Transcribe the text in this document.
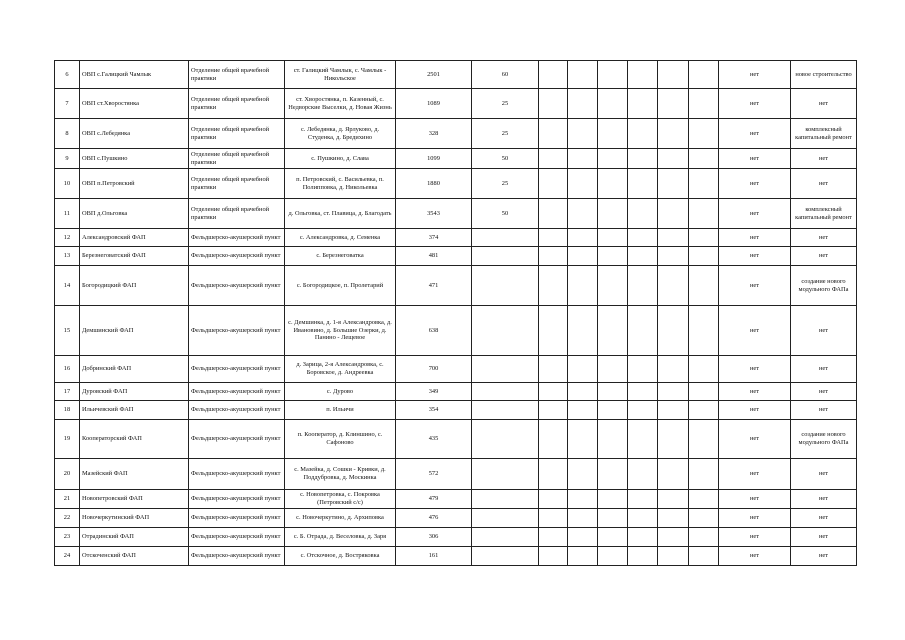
6	ОВП с.Галицкий Чамлык	Отделение общей врачебной практики	ст. Галицкий Чамлык, с. Чамлык - Никольское	2501	60							нет	новое строительство
7	ОВП ст.Хворостянка	Отделение общей врачебной практики	ст. Хворостянка, п. Казенный, с. Недворские Выселки, д. Новая Жизнь	1089	25							нет	нет
8	ОВП с.Лебедянка	Отделение общей врачебной практики	с. Лебедянка, д. Ярлуково, д. Студенка, д. Бредихино	328	25							нет	комплексный капитальный ремонт
9	ОВП с.Пушкино	Отделение общей врачебной практики	с. Пушкино, д. Слава	1099	50							нет	нет
10	ОВП п.Петровский	Отделение общей врачебной практики	п. Петровский, с. Васильевка, п. Полипповка, д. Никольевка	1880	25							нет	нет
11	ОВП д.Ольговка	Отделение общей врачебной практики	д. Ольговка, ст. Плавица, д. Благодать	3543	50							нет	комплексный капитальный ремонт
12	Александровский ФАП	Фельдшерско-акушерский пункт	с. Александровка, д. Семенка	374								нет	нет
13	Березнеговатский ФАП	Фельдшерско-акушерский пункт	с. Березнеговатка	481								нет	нет
14	Богородицкий ФАП	Фельдшерско-акушерский пункт	с. Богородицкое, п. Пролетарий	471								нет	создание нового модульного ФАПа
15	Демшинский ФАП	Фельдшерско-акушерский пункт	с. Демшинка, д. 1-я Александровка, д. Ивановино, д. Большие Озерки, д. Панино - Лещевое	638								нет	нет
16	Добринский ФАП	Фельдшерско-акушерский пункт	д. Зарица, 2-я Александровка, с. Боровское, д. Андреевка	700								нет	нет
17	Дуровский ФАП	Фельдшерско-акушерский пункт	с. Дурово	349								нет	нет
18	Ильичевский ФАП	Фельдшерско-акушерский пункт	п. Ильичи	354								нет	нет
19	Кооператорский ФАП	Фельдшерско-акушерский пункт	п. Кооператор, д. Клиншино, с. Сафоново	435								нет	создание нового модульного ФАПа
20	Мазейский ФАП	Фельдшерско-акушерский пункт	с. Мазейка, д. Сошки - Кривки, д. Поддубровка, д. Москинка	572								нет	нет
21	Новопетровский ФАП	Фельдшерско-акушерский пункт	с. Новопетровка, с. Покровка (Петровский с/с)	479								нет	нет
22	Новочеркутинский ФАП	Фельдшерско-акушерский пункт	с. Новочеркутино, д. Архиповка	476								нет	нет
23	Отрадинский ФАП	Фельдшерско-акушерский пункт	с. Б. Отрада, д. Веселовка, д. Заря	306								нет	нет
24	Отскоченский ФАП	Фельдшерско-акушерский пункт	с. Отскочное, д. Востряковка	161								нет	нет
